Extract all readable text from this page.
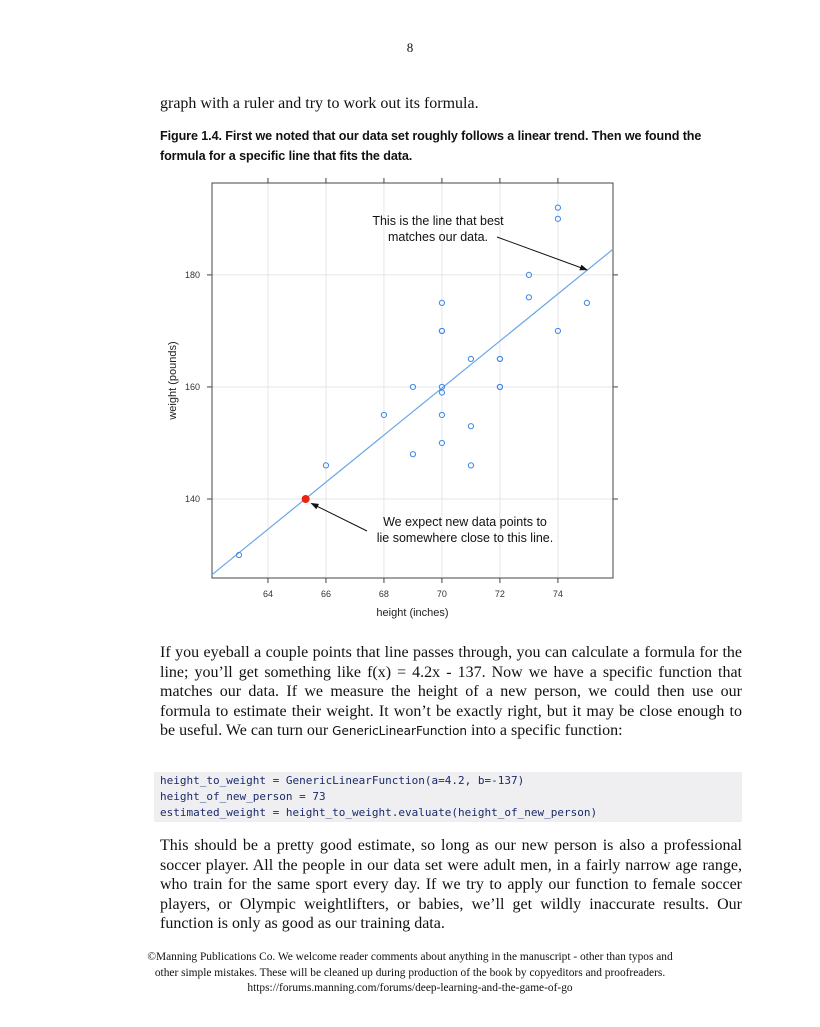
8

graph with a ruler and try to work out its formula.

Figure 1.4. First we noted that our data set roughly follows a linear trend. Then we found the formula for a specific line that fits the data.

64	66	68	70	72	74
140
160
180
height (inches)
weight (pounds)
This is the line that best
matches our data.
We expect new data points to
lie somewhere close to this line.

If you eyeball a couple points that line passes through, you can calculate a formula for the line; you’ll get something like f(x) = 4.2x - 137. Now we have a specific function that matches our data. If we measure the height of a new person, we could then use our formula to estimate their weight. It won’t be exactly right, but it may be close enough to be useful. We can turn our GenericLinearFunction into a specific function:

height_to_weight = GenericLinearFunction(a=4.2, b=-137)
height_of_new_person = 73
estimated_weight = height_to_weight.evaluate(height_of_new_person)

This should be a pretty good estimate, so long as our new person is also a professional soccer player. All the people in our data set were adult men, in a fairly narrow age range, who train for the same sport every day. If we try to apply our function to female soccer players, or Olympic weightlifters, or babies, we’ll get wildly inaccurate results. Our function is only as good as our training data.

©Manning Publications Co. We welcome reader comments about anything in the manuscript - other than typos and
other simple mistakes. These will be cleaned up during production of the book by copyeditors and proofreaders.
https://forums.manning.com/forums/deep-learning-and-the-game-of-go
